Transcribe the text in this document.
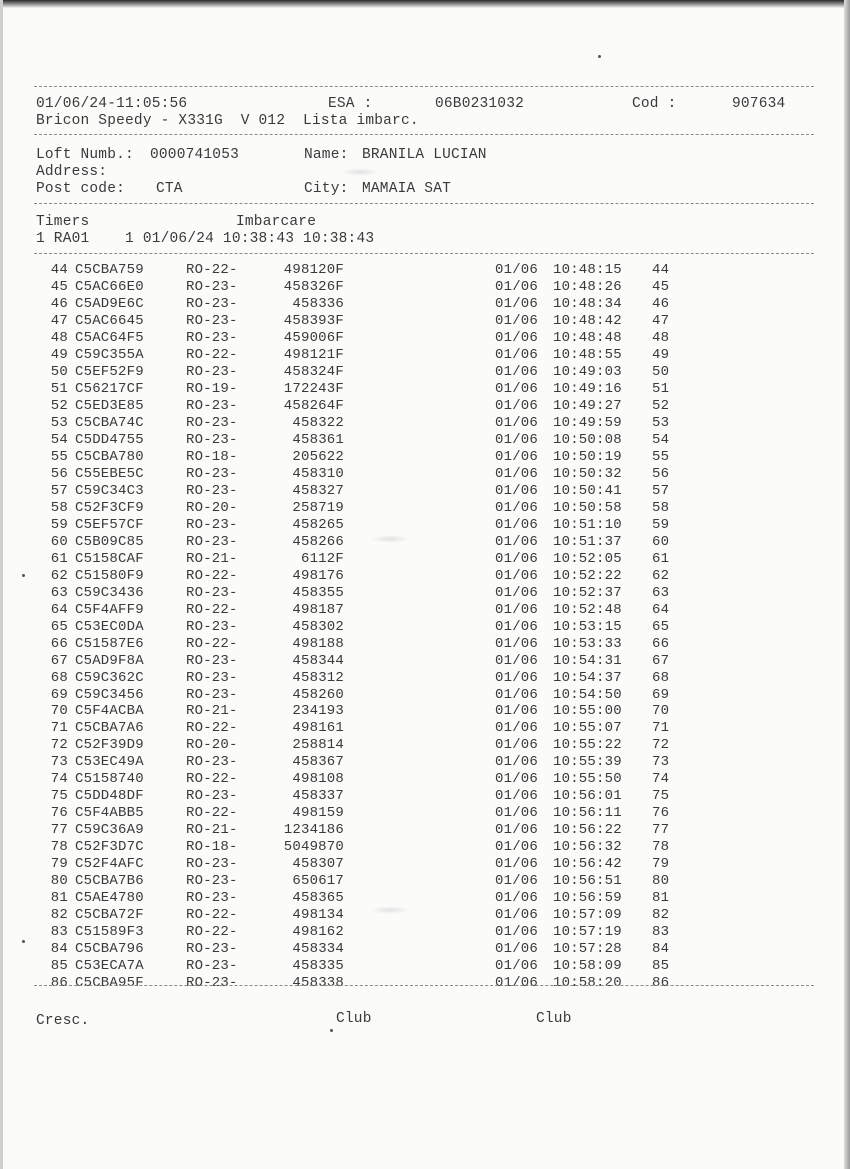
01/06/24-11:05:56	ESA :	06B0231032	Cod :	907634
Bricon Speedy - X331G  V 012  Lista imbarc.
Loft Numb.: 0000741053	Name: BRANILA LUCIAN
Address:
Post code: CTA	City: MAMAIA SAT
Timers	Imbarcare
1 RA01    1 01/06/24 10:38:43 10:38:43
44 C5CBA759	RO-22-	498120F	01/06 10:48:15 44
45 C5AC66E0	RO-23-	458326F	01/06 10:48:26 45
46 C5AD9E6C	RO-23-	458336	01/06 10:48:34 46
47 C5AC6645	RO-23-	458393F	01/06 10:48:42 47
48 C5AC64F5	RO-23-	459006F	01/06 10:48:48 48
49 C59C355A	RO-22-	498121F	01/06 10:48:55 49
50 C5EF52F9	RO-23-	458324F	01/06 10:49:03 50
51 C56217CF	RO-19-	172243F	01/06 10:49:16 51
52 C5ED3E85	RO-23-	458264F	01/06 10:49:27 52
53 C5CBA74C	RO-23-	458322	01/06 10:49:59 53
54 C5DD4755	RO-23-	458361	01/06 10:50:08 54
55 C5CBA780	RO-18-	205622	01/06 10:50:19 55
56 C55EBE5C	RO-23-	458310	01/06 10:50:32 56
57 C59C34C3	RO-23-	458327	01/06 10:50:41 57
58 C52F3CF9	RO-20-	258719	01/06 10:50:58 58
59 C5EF57CF	RO-23-	458265	01/06 10:51:10 59
60 C5B09C85	RO-23-	458266	01/06 10:51:37 60
61 C5158CAF	RO-21-	6112F	01/06 10:52:05 61
62 C51580F9	RO-22-	498176	01/06 10:52:22 62
63 C59C3436	RO-23-	458355	01/06 10:52:37 63
64 C5F4AFF9	RO-22-	498187	01/06 10:52:48 64
65 C53EC0DA	RO-23-	458302	01/06 10:53:15 65
66 C51587E6	RO-22-	498188	01/06 10:53:33 66
67 C5AD9F8A	RO-23-	458344	01/06 10:54:31 67
68 C59C362C	RO-23-	458312	01/06 10:54:37 68
69 C59C3456	RO-23-	458260	01/06 10:54:50 69
70 C5F4ACBA	RO-21-	234193	01/06 10:55:00 70
71 C5CBA7A6	RO-22-	498161	01/06 10:55:07 71
72 C52F39D9	RO-20-	258814	01/06 10:55:22 72
73 C53EC49A	RO-23-	458367	01/06 10:55:39 73
74 C5158740	RO-22-	498108	01/06 10:55:50 74
75 C5DD48DF	RO-23-	458337	01/06 10:56:01 75
76 C5F4ABB5	RO-22-	498159	01/06 10:56:11 76
77 C59C36A9	RO-21-	1234186	01/06 10:56:22 77
78 C52F3D7C	RO-18-	5049870	01/06 10:56:32 78
79 C52F4AFC	RO-23-	458307	01/06 10:56:42 79
80 C5CBA7B6	RO-23-	650617	01/06 10:56:51 80
81 C5AE4780	RO-23-	458365	01/06 10:56:59 81
82 C5CBA72F	RO-22-	498134	01/06 10:57:09 82
83 C51589F3	RO-22-	498162	01/06 10:57:19 83
84 C5CBA796	RO-23-	458334	01/06 10:57:28 84
85 C53ECA7A	RO-23-	458335	01/06 10:58:09 85
86 C5CBA95F	RO-23-	458338	01/06 10:58:20 86
Cresc.	Club	Club
